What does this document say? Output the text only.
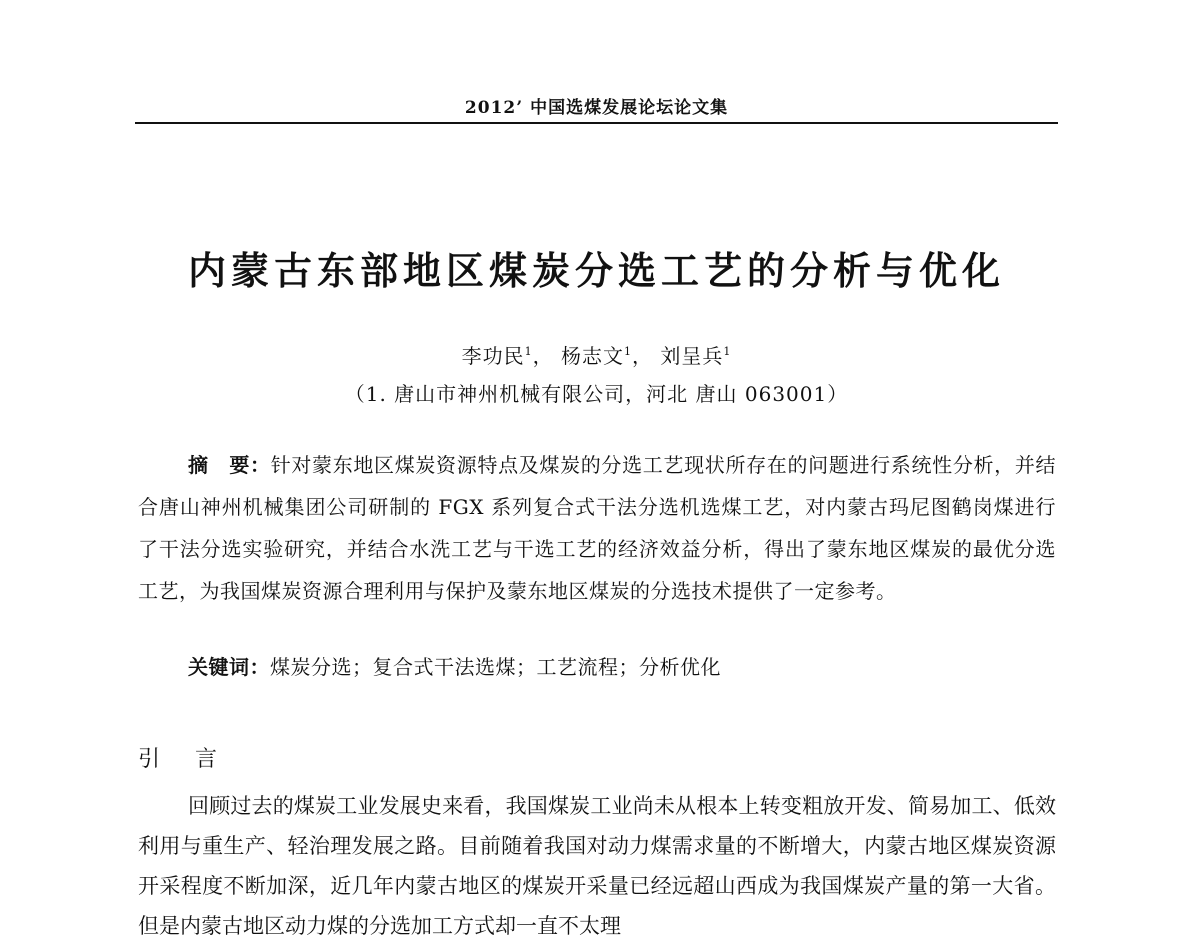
2012’ 中国选煤发展论坛论文集
内蒙古东部地区煤炭分选工艺的分析与优化
李功民$^1$， 杨志文$^1$， 刘呈兵$^1$
（1. 唐山市神州机械有限公司，河北 唐山 063001）

摘　要：针对蒙东地区煤炭资源特点及煤炭的分选工艺现状所存在的问题进行系统性分析，并结合唐山神州机械集团公司研制的 FGX 系列复合式干法分选机选煤工艺，对内蒙古玛尼图鹤岗煤进行了干法分选实验研究，并结合水洗工艺与干选工艺的经济效益分析，得出了蒙东地区煤炭的最优分选工艺，为我国煤炭资源合理利用与保护及蒙东地区煤炭的分选技术提供了一定参考。

关键词：煤炭分选；复合式干法选煤；工艺流程；分析优化

引 言

回顾过去的煤炭工业发展史来看，我国煤炭工业尚未从根本上转变粗放开发、简易加工、低效利用与重生产、轻治理发展之路。目前随着我国对动力煤需求量的不断增大，内蒙古地区煤炭资源开采程度不断加深，近几年内蒙古地区的煤炭开采量已经远超山西成为我国煤炭产量的第一大省。但是内蒙古地区动力煤的分选加工方式却一直不太理
